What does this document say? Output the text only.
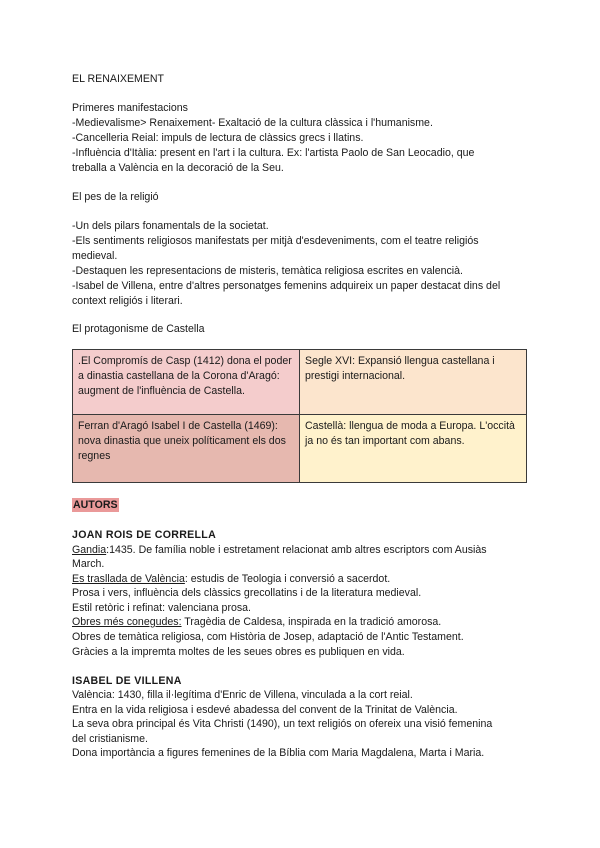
EL RENAIXEMENT
Primeres manifestacions
-Medievalisme> Renaixement- Exaltació de la cultura clàssica i l'humanisme.
-Cancelleria Reial: impuls de lectura de clàssics grecs i llatins.
-Influència d'Itàlia: present en l'art i la cultura. Ex: l'artista Paolo de San Leocadio, que
treballa a València en la decoració de la Seu.
El pes de la religió
-Un dels pilars fonamentals de la societat.
-Els sentiments religiosos manifestats per mitjà d'esdeveniments, com el teatre religiós
medieval.
-Destaquen les representacions de misteris, temàtica religiosa escrites en valencià.
-Isabel de Villena, entre d'altres personatges femenins adquireix un paper destacat dins del
context religiós i literari.
El protagonisme de Castella
.El Compromís de Casp (1412) dona el poder a dinastia castellana de la Corona d'Aragó: augment de l'influència de Castella.	Segle XVI: Expansió llengua castellana i prestigi internacional.
Ferran d'Aragó Isabel I de Castella (1469): nova dinastia que uneix políticament els dos regnes	Castellà: llengua de moda a Europa. L'occità ja no és tan important com abans.
AUTORS
JOAN ROIS DE CORRELLA
Gandia:1435. De família noble i estretament relacionat amb altres escriptors com Ausiàs
March.
Es trasllada de València: estudis de Teologia i conversió a sacerdot.
Prosa i vers, influència dels clàssics grecollatins i de la literatura medieval.
Estil retòric i refinat: valenciana prosa.
Obres més conegudes: Tragèdia de Caldesa, inspirada en la tradició amorosa.
Obres de temàtica religiosa, com Història de Josep, adaptació de l'Antic Testament.
Gràcies a la impremta moltes de les seues obres es publiquen en vida.
ISABEL DE VILLENA
València: 1430, filla il·legítima d'Enric de Villena, vinculada a la cort reial.
Entra en la vida religiosa i esdevé abadessa del convent de la Trinitat de València.
La seva obra principal és Vita Christi (1490), un text religiós on ofereix una visió femenina
del cristianisme.
Dona importància a figures femenines de la Bíblia com Maria Magdalena, Marta i Maria.
